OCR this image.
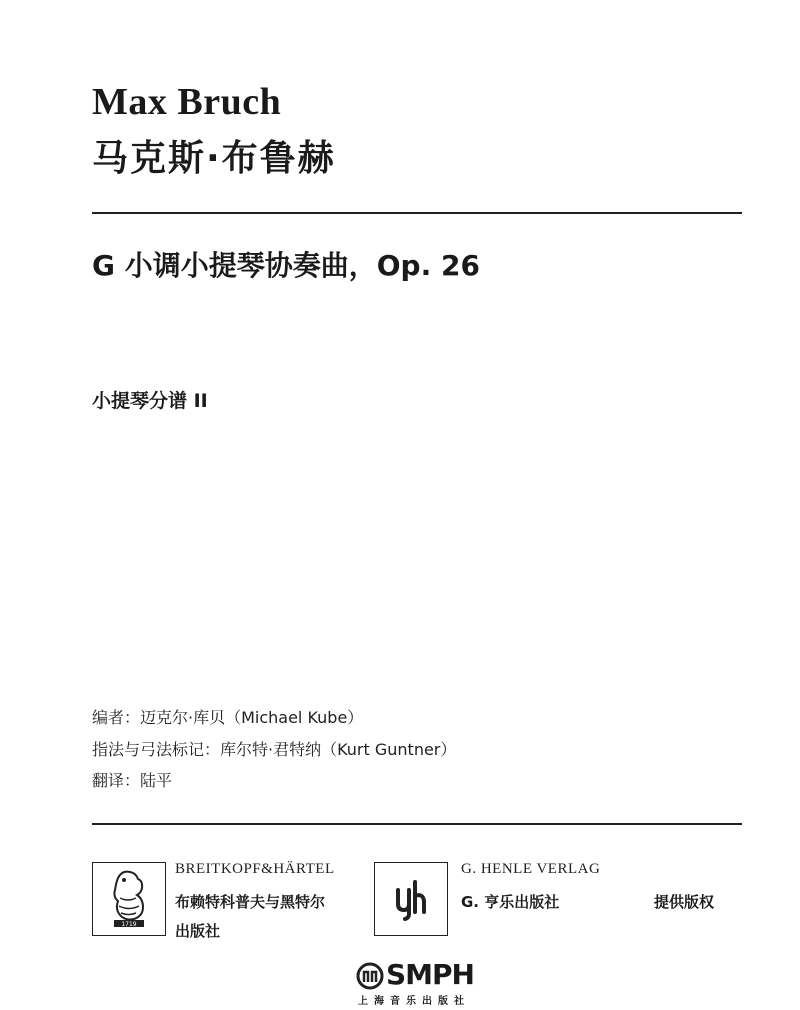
Max Bruch
马克斯·布鲁赫
G 小调小提琴协奏曲，Op. 26
小提琴分谱 II
编者：迈克尔·库贝（Michael Kube）
指法与弓法标记：库尔特·君特纳（Kurt Guntner）
翻译：陆平
1719
BREITKOPF&HÄRTEL
布赖特科普夫与黑特尔
出版社
G. HENLE VERLAG
G. 亨乐出版社	提供版权
SMPH
上海音乐出版社
